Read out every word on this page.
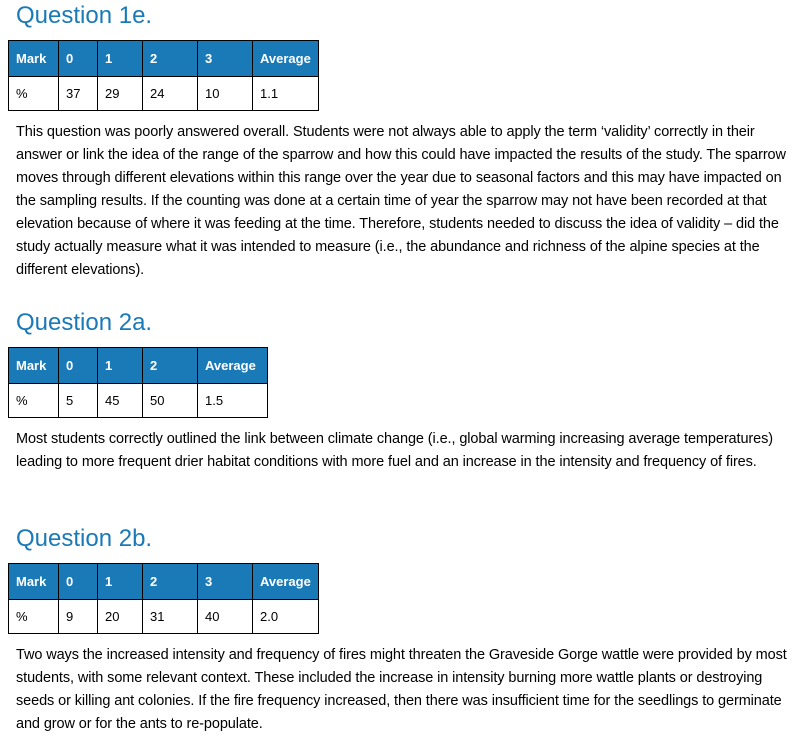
Question 1e.
Mark	0	1	2	3	Average
%	37	29	24	10	1.1

This question was poorly answered overall. Students were not always able to apply the term ‘validity’ correctly in their answer or link the idea of the range of the sparrow and how this could have impacted the results of the study. The sparrow moves through different elevations within this range over the year due to seasonal factors and this may have impacted on the sampling results. If the counting was done at a certain time of year the sparrow may not have been recorded at that elevation because of where it was feeding at the time. Therefore, students needed to discuss the idea of validity – did the study actually measure what it was intended to measure (i.e., the abundance and richness of the alpine species at the different elevations).

Question 2a.
Mark	0	1	2	Average
%	5	45	50	1.5

Most students correctly outlined the link between climate change (i.e., global warming increasing average temperatures) leading to more frequent drier habitat conditions with more fuel and an increase in the intensity and frequency of fires.

Question 2b.
Mark	0	1	2	3	Average
%	9	20	31	40	2.0

Two ways the increased intensity and frequency of fires might threaten the Graveside Gorge wattle were provided by most students, with some relevant context. These included the increase in intensity burning more wattle plants or destroying seeds or killing ant colonies. If the fire frequency increased, then there was insufficient time for the seedlings to germinate and grow or for the ants to re-populate.
